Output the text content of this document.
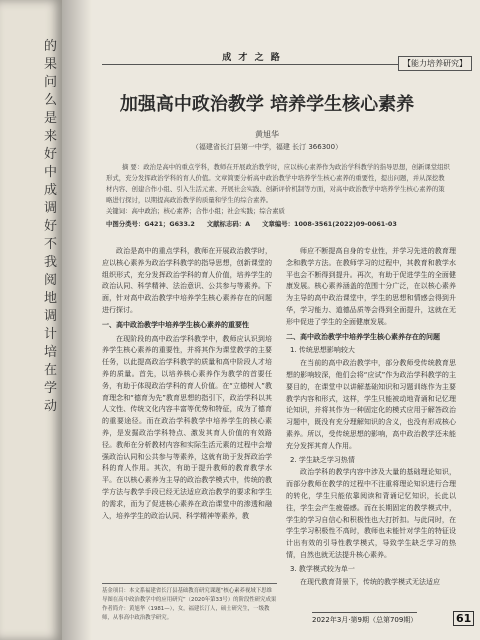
的
果
问
么
是
来
好
中
成
调
好
不
我
阅
地
调
计
培
在
学
动
成 才 之 路
【能力培养研究】
加强高中政治教学 培养学生核心素养
黄旭华
（福建省长汀县第一中学，福建 长汀 366300）
摘 要：政治是高中的重点学科，教师在开展政治教学时，应以核心素养作为政治学科教学的指导思想，创新课堂组织形式，充分发挥政治学科的育人价值。文章简要分析高中政治教学中培养学生核心素养的重要性，提出问题，并从深挖教材内容、创建合作小组、引入生活元素、开展社会实践、创新评价机制等方面，对高中政治教学中培养学生核心素养的策略进行探讨，以期提高政治教学的质量和学生的综合素养。
关键词：高中政治；核心素养；合作小组；社会实践；综合素质
中图分类号：G421；G633.2 文献标志码：A 文章编号：1008-3561(2022)09-0061-03

政治是高中的重点学科，教师在开展政治教学时，应以核心素养为政治学科教学的指导思想，创新课堂的组织形式，充分发挥政治学科的育人价值，培养学生的政治认同、科学精神、法治意识、公共参与等素养。下面，针对高中政治教学中培养学生核心素养存在的问题进行探讨。

一、高中政治教学中培养学生核心素养的重要性

在现阶段的高中政治学科教学中，教师应认识到培养学生核心素养的重要性，并将其作为课堂教学的主要任务，以此提高政治学科教学的质量和高中阶段人才培养的质量。首先，以培养核心素养作为教学的首要任务，有助于体现政治学科的育人价值。在“立德树人”教育理念和“德育为先”教育思想的指引下，政治学科以其人文性、传统文化内容丰富等优势和特征，成为了德育的重要途径。而在政治学科教学中培养学生的核心素养，是发掘政治学科特点、激发其育人价值的有效路径。教师在分析教材内容和实际生活元素的过程中会增强政治认同和公共参与等素养，这就有助于发挥政治学科的育人作用。其次，有助于提升教师的教育教学水平。在以核心素养为主导的政治教学模式中，传统的教学方法与教学手段已经无法适应政治教学的要求和学生的需求，而为了促进核心素养在政治课堂中的渗透和融入，培养学生的政治认同、科学精神等素养，教

师应不断提高自身的专业性，并学习先进的教育理念和教学方法。在教师学习的过程中，其教育和教学水平也会不断得到提升。再次，有助于促进学生的全面健康发展。核心素养涵盖的范围十分广泛，在以核心素养为主导的高中政治课堂中，学生的思想和情感会得到升华，学习能力、道德品质等会得到全面提升，这就在无形中促进了学生的全面健康发展。

二、高中政治教学中培养学生核心素养存在的问题
1. 传统思想影响较大

在当前的高中政治教学中，部分教师受传统教育思想的影响较深，他们会将“应试”作为政治学科教学的主要目的，在课堂中以讲解基础知识和习题训练作为主要教学内容和形式，这样，学生只能被动地背诵和记忆理论知识，并将其作为一种固定化的模式应用于解答政治习题中，既没有充分理解知识的含义，也没有形成核心素养。所以，受传统思想的影响，高中政治教学还未能充分发挥其育人作用。

2. 学生缺乏学习热情

政治学科的教学内容中涉及大量的基础理论知识，而部分教师在教学的过程中不注重将理论知识进行合理的转化，学生只能依靠阅读和背诵记忆知识，长此以往，学生会产生疲倦感。而在长期固定的教学模式中，学生的学习自信心和积极性也大打折扣。与此同时，在学生学习积极性不高时，教师也未能针对学生的特征设计出有效的引导性教学模式，导致学生缺乏学习的热情，自然也就无法提升核心素养。

3. 教学模式较为单一

在现代教育背景下，传统的教学模式无法适应

基金项目：本文系福建省长汀县基础教育研究课题“核心素养视域下思维导图在高中政治教学中的应用研究”（2020年第33号）的阶段性研究成果
作者简介：黄旭华（1981—），女，福建长汀人，硕士研究生，一级教师，从事高中政治教学研究。	2022年3月·第9期（总第709期）	61
